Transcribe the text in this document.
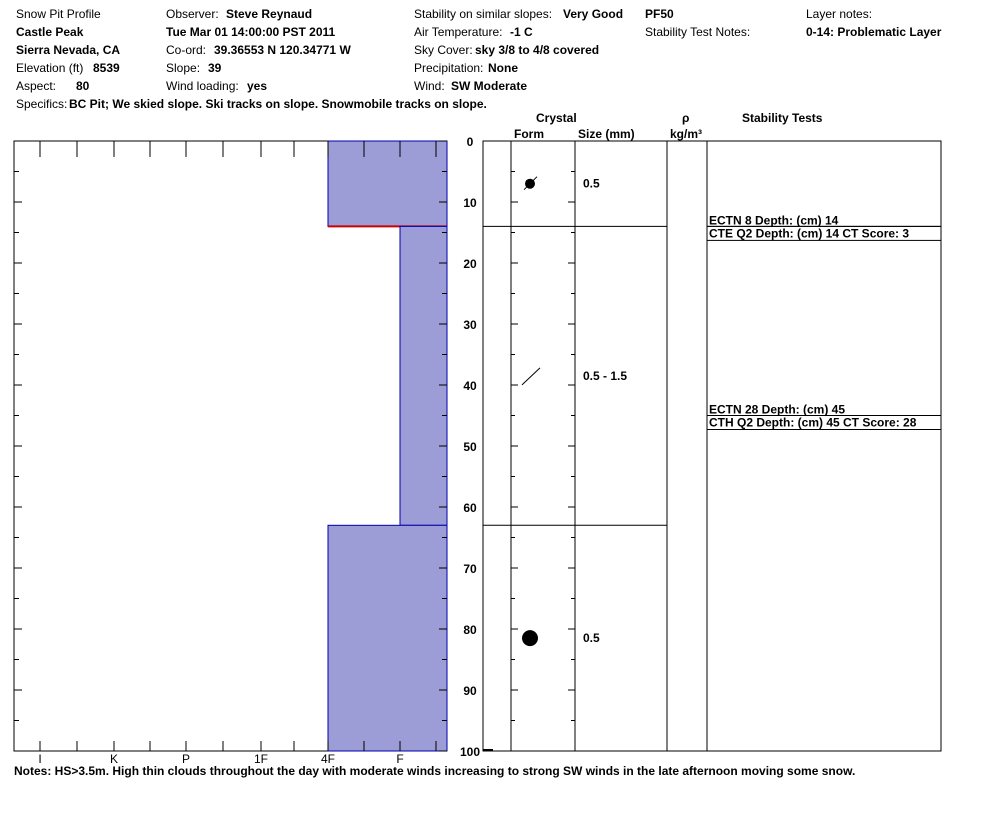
Snow Pit Profile
Castle Peak
Sierra Nevada, CA
Elevation (ft) 8539
Aspect: 80
Observer: Steve Reynaud
Tue Mar 01 14:00:00 PST 2011
Co-ord: 39.36553 N 120.34771 W
Slope: 39
Wind loading: yes
Stability on similar slopes: Very Good PF50
Air Temperature: -1 C
Sky Cover: sky 3/8 to 4/8 covered
Precipitation: None
Wind: SW Moderate
Stability Test Notes:
Layer notes:
0-14: Problematic Layer
Specifics: BC Pit; We skied slope. Ski tracks on slope. Snowmobile tracks on slope.
Crystal
Form	Size (mm)
ρ
kg/m³
Stability Tests
I	K	P	1F	4F	F
0
10
20
30
40
50
60
70
80
90
100
0.5
0.5 - 1.5
0.5
ECTN 8 Depth: (cm) 14
CTE Q2 Depth: (cm) 14 CT Score: 3
ECTN 28 Depth: (cm) 45
CTH Q2 Depth: (cm) 45 CT Score: 28
Notes: HS>3.5m. High thin clouds throughout the day with moderate winds increasing to strong SW winds in the late afternoon moving some snow.
